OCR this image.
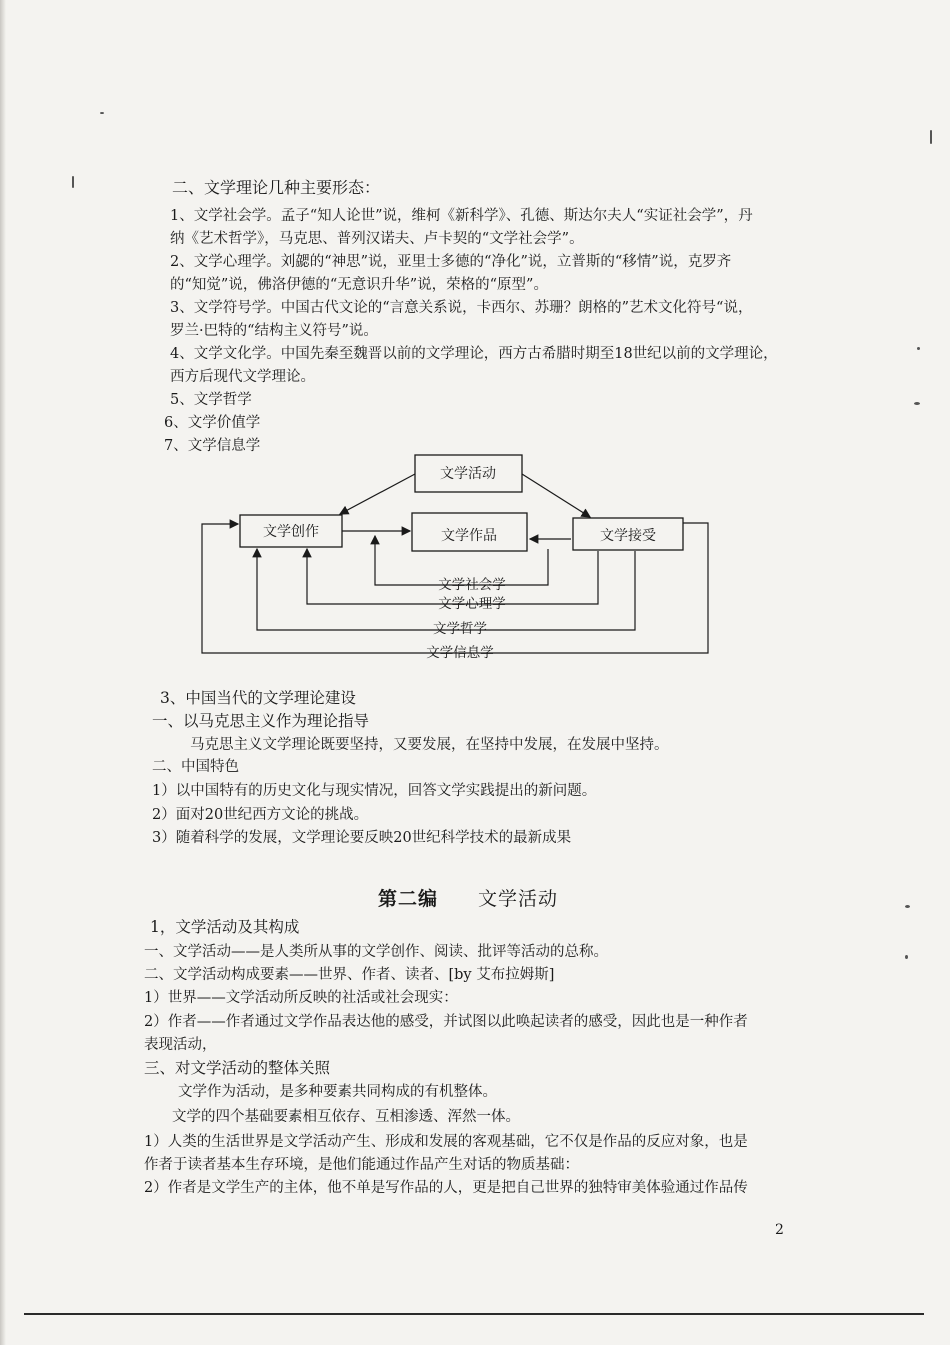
二、文学理论几种主要形态：
1、文学社会学。孟子“知人论世”说，维柯《新科学》、孔德、斯达尔夫人“实证社会学”，丹
纳《艺术哲学》，马克思、普列汉诺夫、卢卡契的“文学社会学”。
2、文学心理学。刘勰的“神思”说，亚里士多德的“净化”说，立普斯的“移情”说，克罗齐
的“知觉”说，佛洛伊德的“无意识升华”说，荣格的“原型”。
3、文学符号学。中国古代文论的“言意关系说，卡西尔、苏珊？朗格的”艺术文化符号“说，
罗兰·巴特的“结构主义符号”说。
4、文学文化学。中国先秦至魏晋以前的文学理论，西方古希腊时期至18世纪以前的文学理论，
西方后现代文学理论。
5、文学哲学
6、文学价值学
7、文学信息学
文学活动
文学创作	文学作品	文学接受
文学社会学
文学心理学
文学哲学
文学信息学
3、中国当代的文学理论建设
一、以马克思主义作为理论指导
马克思主义文学理论既要坚持，又要发展，在坚持中发展，在发展中坚持。
二、中国特色
1）以中国特有的历史文化与现实情况，回答文学实践提出的新问题。
2）面对20世纪西方文论的挑战。
3）随着科学的发展，文学理论要反映20世纪科学技术的最新成果
第二编 文学活动
1，文学活动及其构成
一、文学活动——是人类所从事的文学创作、阅读、批评等活动的总称。
二、文学活动构成要素——世界、作者、读者、[by 艾布拉姆斯]
1）世界——文学活动所反映的社活或社会现实：
2）作者——作者通过文学作品表达他的感受，并试图以此唤起读者的感受，因此也是一种作者
表现活动，
三、对文学活动的整体关照
文学作为活动，是多种要素共同构成的有机整体。
文学的四个基础要素相互依存、互相渗透、浑然一体。
1）人类的生活世界是文学活动产生、形成和发展的客观基础，它不仅是作品的反应对象，也是
作者于读者基本生存环境，是他们能通过作品产生对话的物质基础：
2）作者是文学生产的主体，他不单是写作品的人，更是把自己世界的独特审美体验通过作品传
2
